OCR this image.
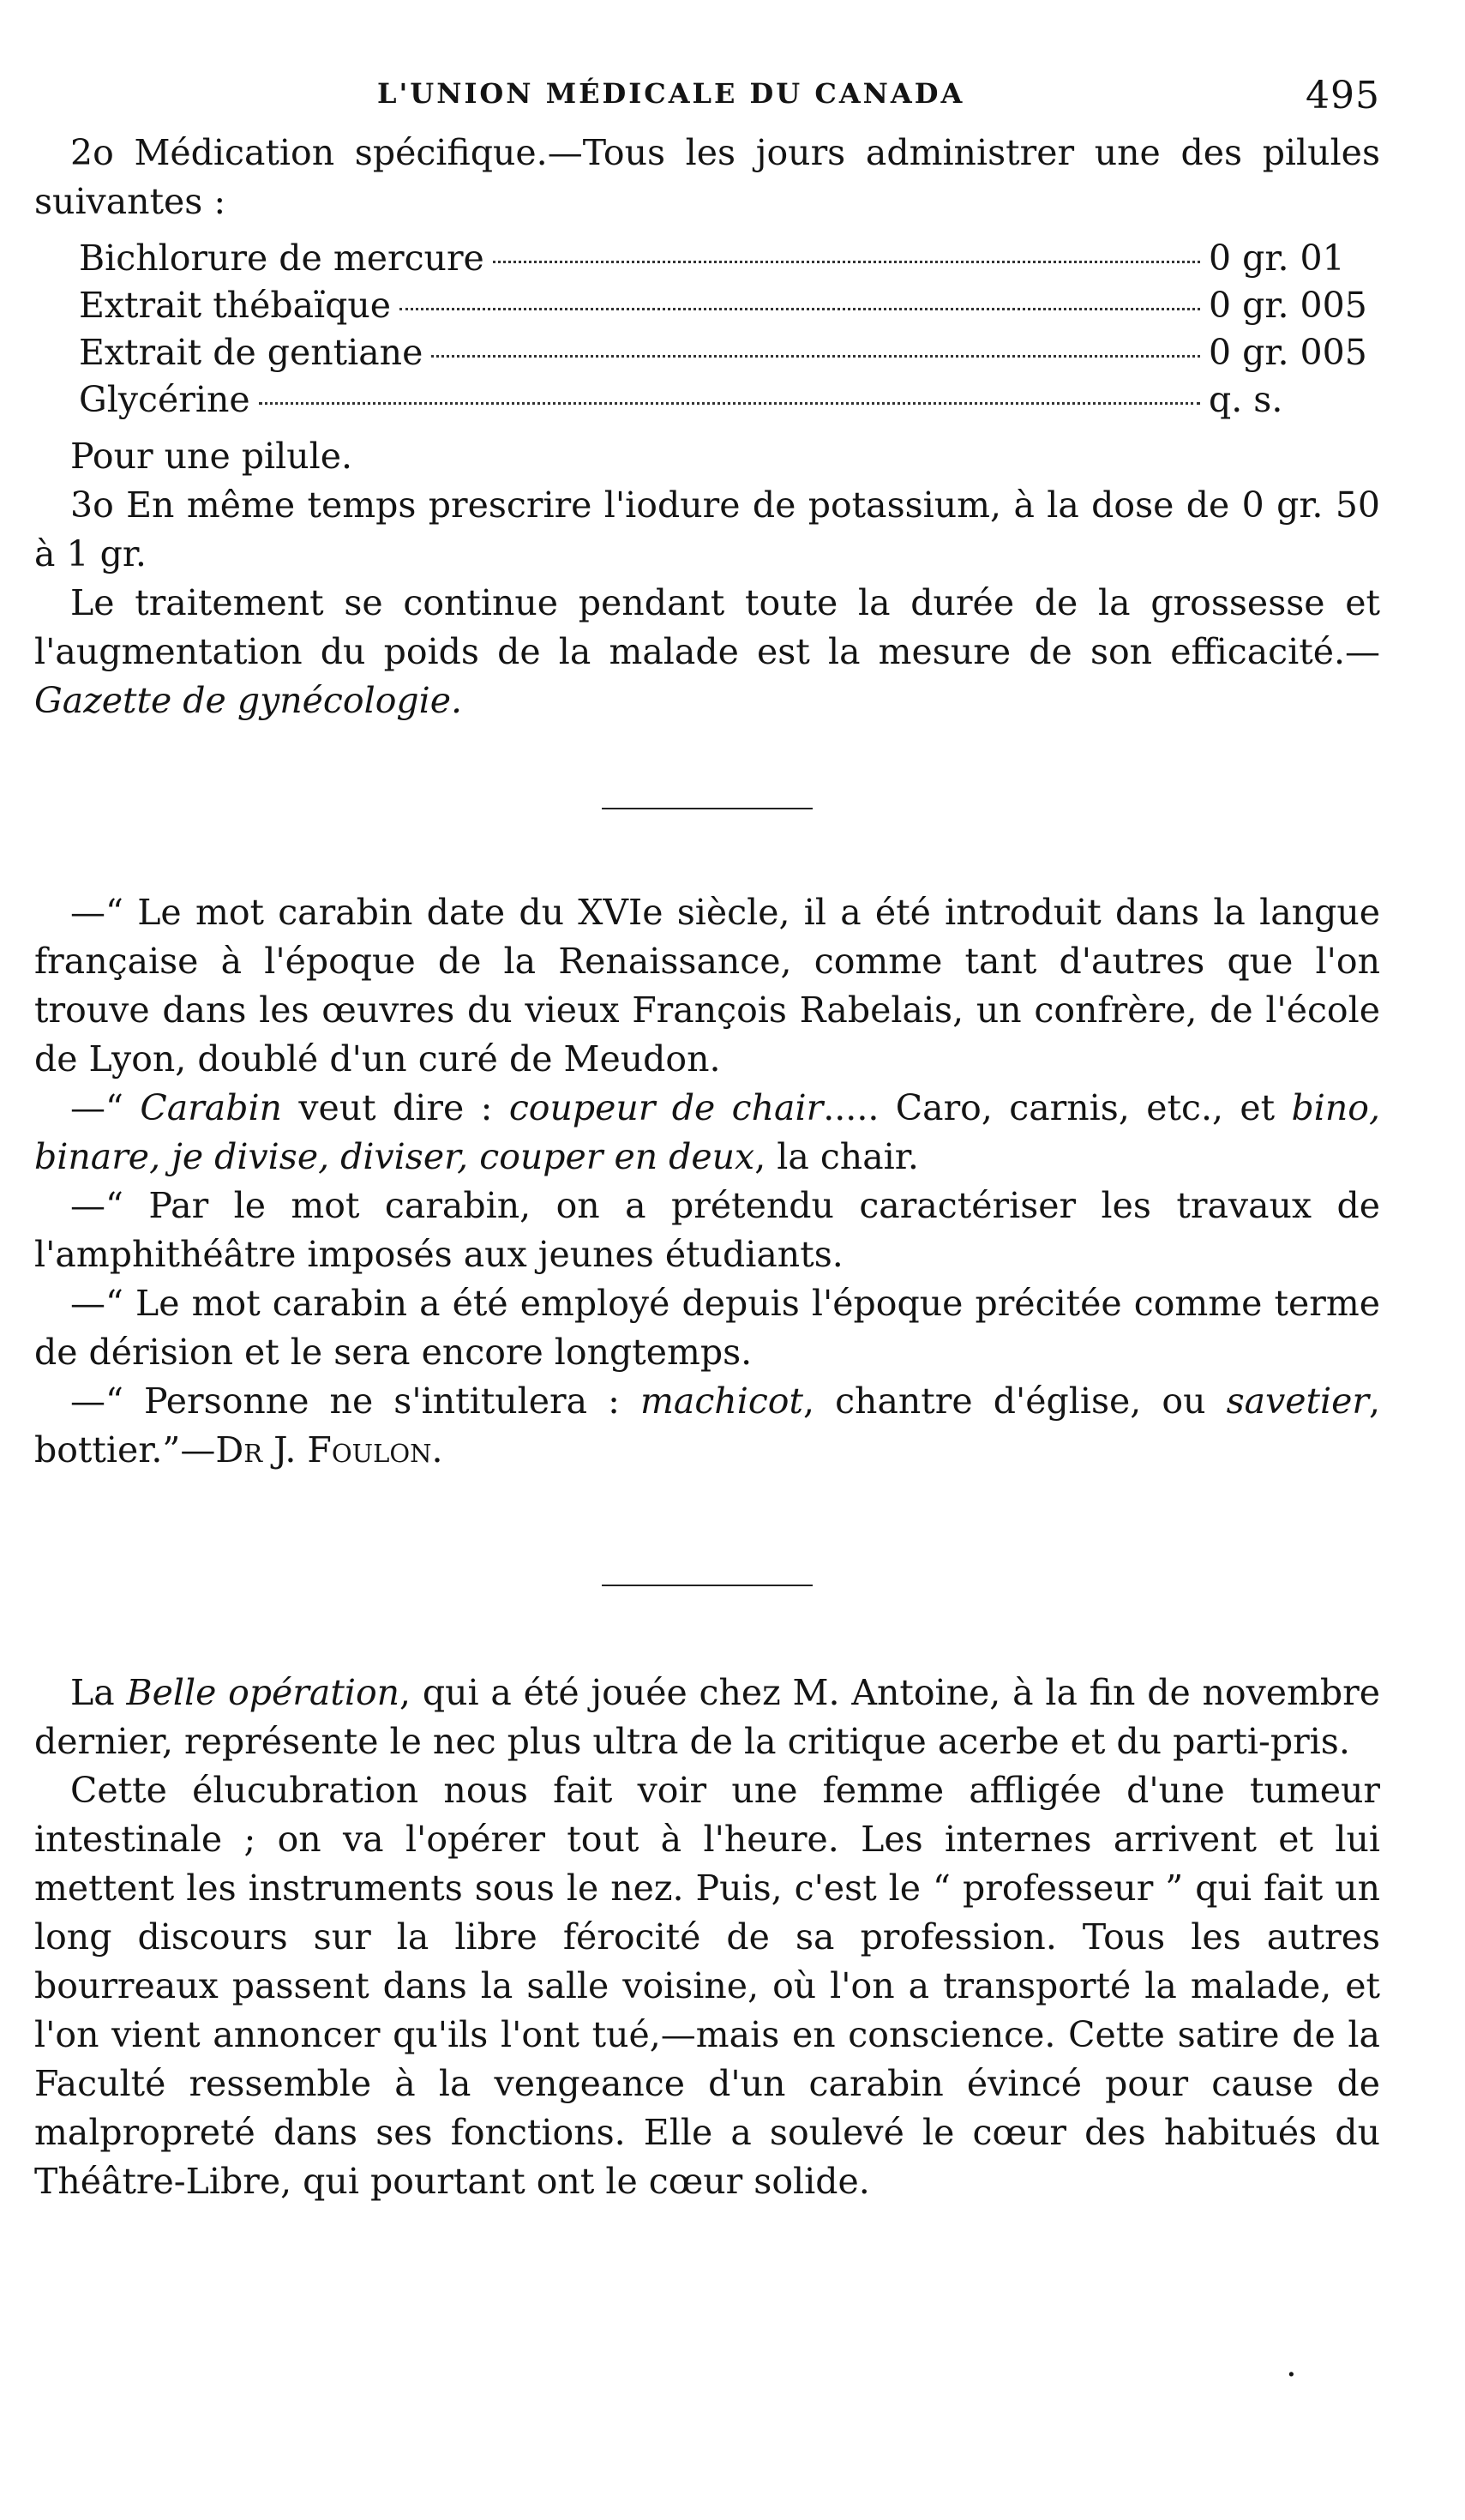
L'UNION MÉDICALE DU CANADA	495

2o Médication spécifique.—Tous les jours administrer une des pilules suivantes :

Bichlorure de mercure	0 gr. 01
Extrait thébaïque	0 gr. 005
Extrait de gentiane	0 gr. 005
Glycérine	q. s.

Pour une pilule.

3o En même temps prescrire l'iodure de potassium, à la dose de 0 gr. 50 à 1 gr.

Le traitement se continue pendant toute la durée de la grossesse et l'augmentation du poids de la malade est la mesure de son efficacité.—Gazette de gynécologie.

—“ Le mot carabin date du XVIe siècle, il a été introduit dans la langue française à l'époque de la Renaissance, comme tant d'autres que l'on trouve dans les œuvres du vieux François Rabelais, un confrère, de l'école de Lyon, doublé d'un curé de Meudon.

—“ Carabin veut dire : coupeur de chair..... Caro, carnis, etc., et bino, binare, je divise, diviser, couper en deux, la chair.

—“ Par le mot carabin, on a prétendu caractériser les travaux de l'amphithéâtre imposés aux jeunes étudiants.

—“ Le mot carabin a été employé depuis l'époque précitée comme terme de dérision et le sera encore longtemps.

—“ Personne ne s'intitulera : machicot, chantre d'église, ou savetier, bottier.”—Dr J. Foulon.

La Belle opération, qui a été jouée chez M. Antoine, à la fin de novembre dernier, représente le nec plus ultra de la critique acerbe et du parti-pris.

Cette élucubration nous fait voir une femme affligée d'une tumeur intestinale ; on va l'opérer tout à l'heure. Les internes arrivent et lui mettent les instruments sous le nez. Puis, c'est le “ professeur ” qui fait un long discours sur la libre férocité de sa profession. Tous les autres bourreaux passent dans la salle voisine, où l'on a transporté la malade, et l'on vient annoncer qu'ils l'ont tué,—mais en conscience. Cette satire de la Faculté ressemble à la vengeance d'un carabin évincé pour cause de malpropreté dans ses fonctions. Elle a soulevé le cœur des habitués du Théâtre-Libre, qui pourtant ont le cœur solide.

.
